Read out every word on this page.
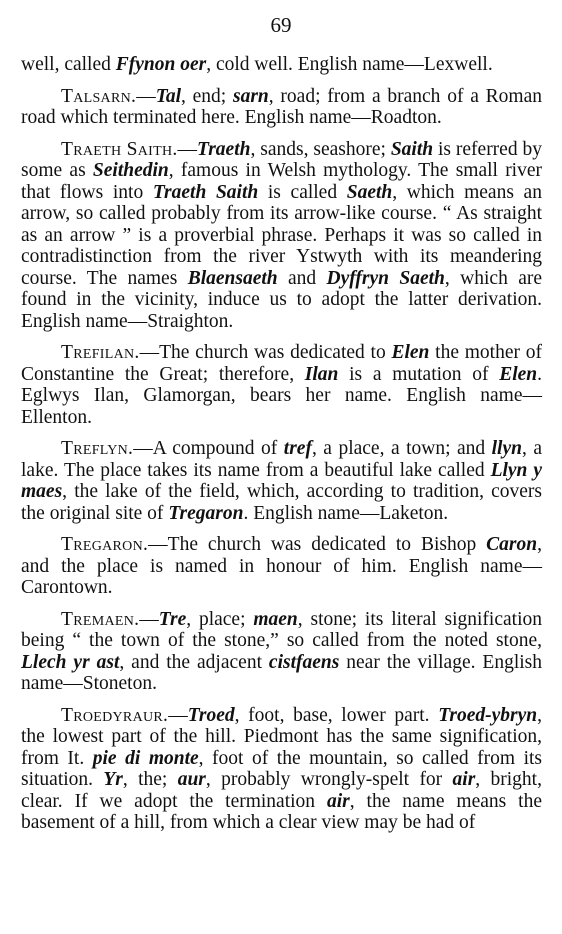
69

well, called Ffynon oer, cold well. English name—Lexwell.

Talsarn.—Tal, end; sarn, road; from a branch of a Roman road which terminated here. English name—Roadton.

Traeth Saith.—Traeth, sands, seashore; Saith is referred by some as Seithedin, famous in Welsh mythology. The small river that flows into Traeth Saith is called Saeth, which means an arrow, so called probably from its arrow-like course. “ As straight as an arrow ” is a proverbial phrase. Perhaps it was so called in contradistinction from the river Ystwyth with its meandering course. The names Blaensaeth and Dyffryn Saeth, which are found in the vicinity, induce us to adopt the latter derivation. English name—Straighton.

Trefilan.—The church was dedicated to Elen the mother of Constantine the Great; therefore, Ilan is a mutation of Elen. Eglwys Ilan, Glamorgan, bears her name. English name—Ellenton.

Treflyn.—A compound of tref, a place, a town; and llyn, a lake. The place takes its name from a beautiful lake called Llyn y maes, the lake of the field, which, according to tradition, covers the original site of Tregaron. English name—Laketon.

Tregaron.—The church was dedicated to Bishop Caron, and the place is named in honour of him. English name—Carontown.

Tremaen.—Tre, place; maen, stone; its literal signification being “ the town of the stone,” so called from the noted stone, Llech yr ast, and the adjacent cistfaens near the village. English name—Stoneton.

Troedyraur.—Troed, foot, base, lower part. Troed-ybryn, the lowest part of the hill. Piedmont has the same signification, from It. pie di monte, foot of the mountain, so called from its situation. Yr, the; aur, probably wrongly-spelt for air, bright, clear. If we adopt the termination air, the name means the basement of a hill, from which a clear view may be had of
